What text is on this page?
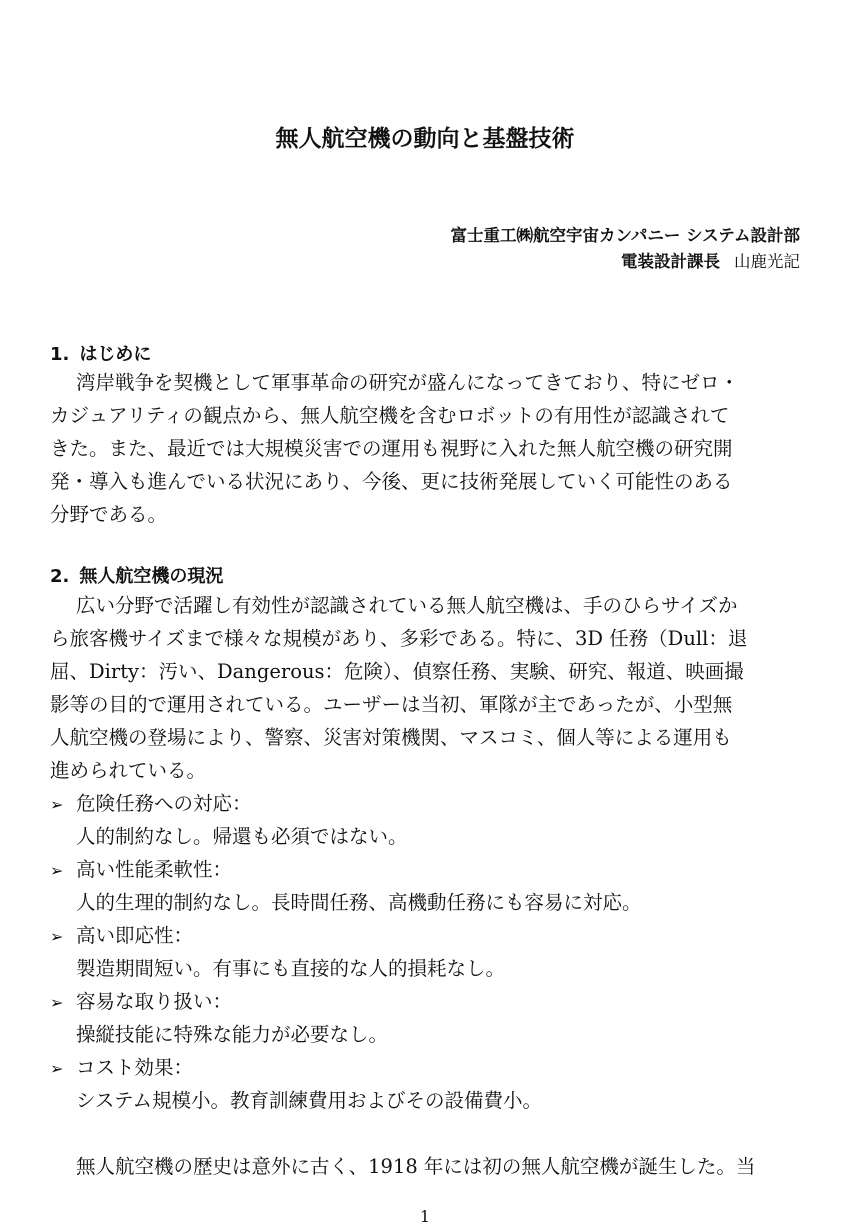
無人航空機の動向と基盤技術
富士重工㈱航空宇宙カンパニー システム設計部
電装設計課長 山鹿光記
1. はじめに
湾岸戦争を契機として軍事革命の研究が盛んになってきており、特にゼロ・
カジュアリティの観点から、無人航空機を含むロボットの有用性が認識されて
きた。また、最近では大規模災害での運用も視野に入れた無人航空機の研究開
発・導入も進んでいる状況にあり、今後、更に技術発展していく可能性のある
分野である。
2. 無人航空機の現況
広い分野で活躍し有効性が認識されている無人航空機は、手のひらサイズか
ら旅客機サイズまで様々な規模があり、多彩である。特に、3D 任務（Dull：退
屈、Dirty：汚い、Dangerous：危険）、偵察任務、実験、研究、報道、映画撮
影等の目的で運用されている。ユーザーは当初、軍隊が主であったが、小型無
人航空機の登場により、警察、災害対策機関、マスコミ、個人等による運用も
進められている。
➢ 危険任務への対応：
人的制約なし。帰還も必須ではない。
➢ 高い性能柔軟性：
人的生理的制約なし。長時間任務、高機動任務にも容易に対応。
➢ 高い即応性：
製造期間短い。有事にも直接的な人的損耗なし。
➢ 容易な取り扱い：
操縦技能に特殊な能力が必要なし。
➢ コスト効果：
システム規模小。教育訓練費用およびその設備費小。
無人航空機の歴史は意外に古く、1918 年には初の無人航空機が誕生した。当
1
